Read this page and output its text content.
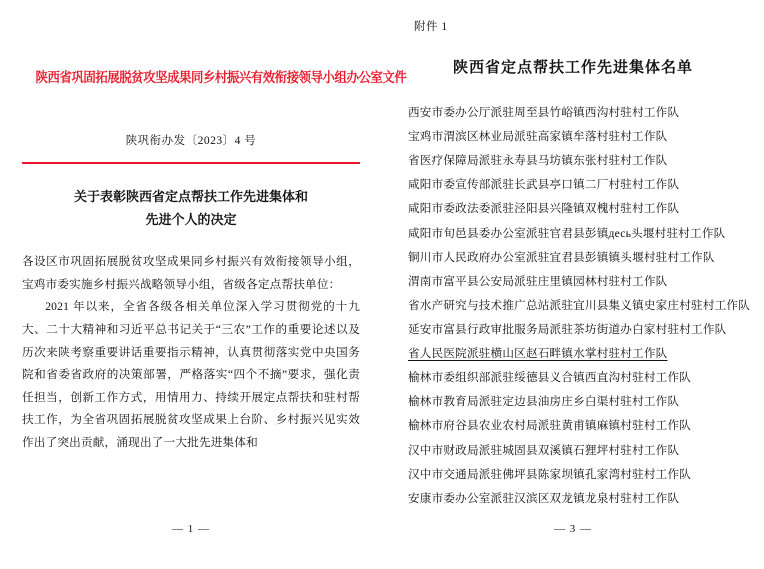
陕西省巩固拓展脱贫攻坚成果同乡村振兴有效衔接领导小组办公室文件
陕巩衔办发〔2023〕4 号
关于表彰陕西省定点帮扶工作先进集体和
先进个人的决定

各设区市巩固拓展脱贫攻坚成果同乡村振兴有效衔接领导小组，宝鸡市委实施乡村振兴战略领导小组，省级各定点帮扶单位：

2021 年以来，全省各级各相关单位深入学习贯彻党的十九大、二十大精神和习近平总书记关于“三农”工作的重要论述以及历次来陕考察重要讲话重要指示精神，认真贯彻落实党中央国务院和省委省政府的决策部署，严格落实“四个不摘”要求，强化责任担当，创新工作方式，用情用力、持续开展定点帮扶和驻村帮扶工作，为全省巩固拓展脱贫攻坚成果上台阶、乡村振兴见实效作出了突出贡献，涌现出了一大批先进集体和

— 1 —
附件 1
陕西省定点帮扶工作先进集体名单
西安市委办公厅派驻周至县竹峪镇西沟村驻村工作队
宝鸡市渭滨区林业局派驻高家镇牟落村驻村工作队
省医疗保障局派驻永寿县马坊镇东张村驻村工作队
咸阳市委宣传部派驻长武县亭口镇二厂村驻村工作队
咸阳市委政法委派驻泾阳县兴隆镇双槐村驻村工作队
咸阳市旬邑县委办公室派驻官君县彭镇десь头堰村驻村工作队
铜川市人民政府办公室派驻宜君县彭镇镇头堰村驻村工作队
渭南市富平县公安局派驻庄里镇园林村驻村工作队
省水产研究与技术推广总站派驻宜川县集义镇史家庄村驻村工作队
延安市富县行政审批服务局派驻茶坊街道办白家村驻村工作队
省人民医院派驻横山区赵石畔镇水掌村驻村工作队
榆林市委组织部派驻绥德县义合镇西直沟村驻村工作队
榆林市教育局派驻定边县油房庄乡白渠村驻村工作队
榆林市府谷县农业农村局派驻黄甫镇麻镇村驻村工作队
汉中市财政局派驻城固县双溪镇石狸坪村驻村工作队
汉中市交通局派驻佛坪县陈家坝镇孔家湾村驻村工作队
安康市委办公室派驻汉滨区双龙镇龙泉村驻村工作队
— 3 —
